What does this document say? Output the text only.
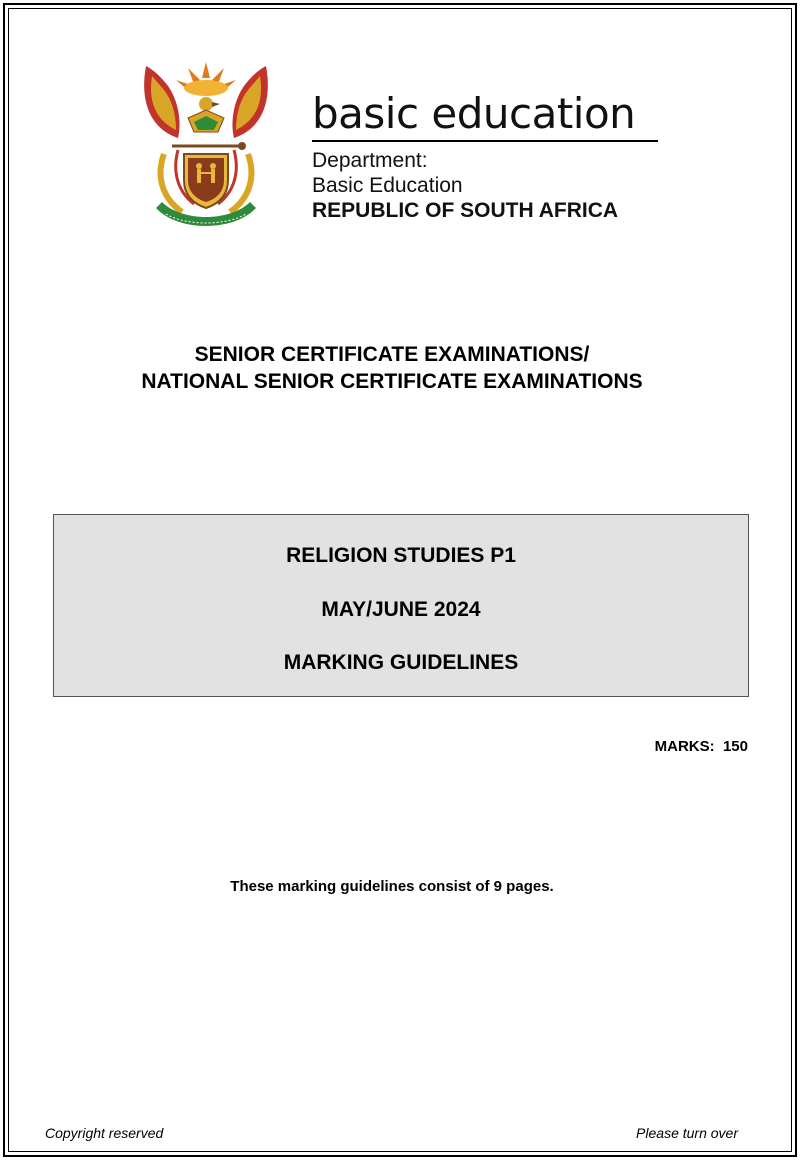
basic education
Department:
Basic Education
REPUBLIC OF SOUTH AFRICA
SENIOR CERTIFICATE EXAMINATIONS/
NATIONAL SENIOR CERTIFICATE EXAMINATIONS
RELIGION STUDIES P1
MAY/JUNE 2024
MARKING GUIDELINES
MARKS:  150
These marking guidelines consist of 9 pages.
Copyright reserved	Please turn over
